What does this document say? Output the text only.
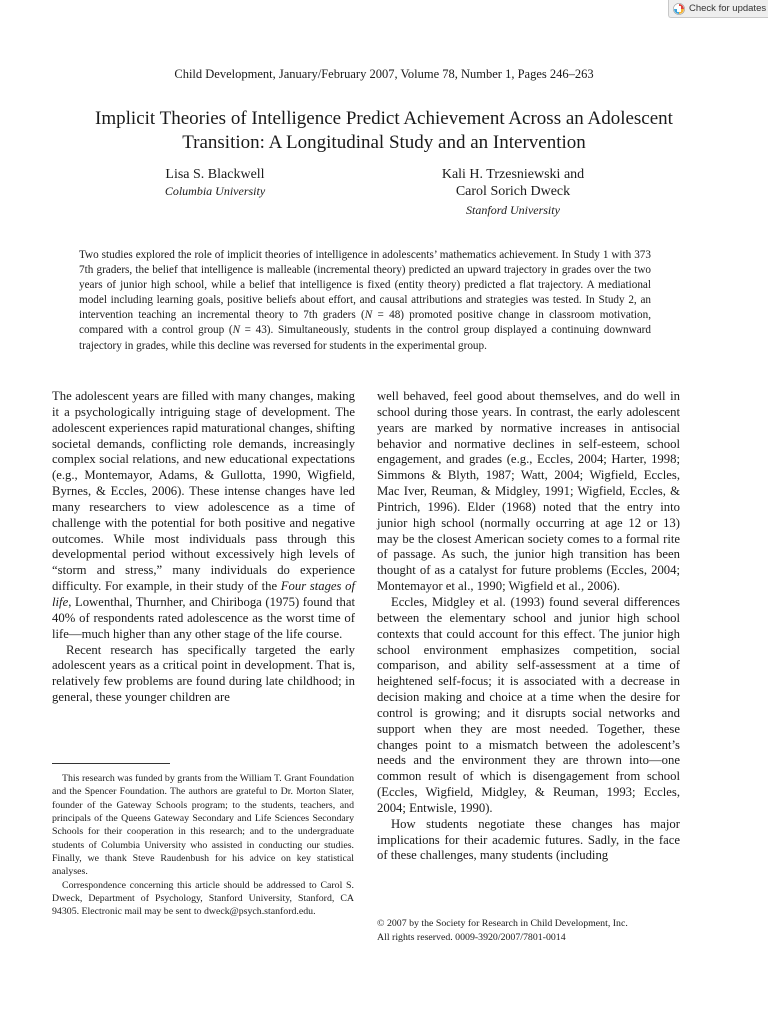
Check for updates
Child Development, January/February 2007, Volume 78, Number 1, Pages 246–263
Implicit Theories of Intelligence Predict Achievement Across an Adolescent
Transition: A Longitudinal Study and an Intervention
Lisa S. Blackwell
Columbia University
Kali H. Trzesniewski and
Carol Sorich Dweck
Stanford University

Two studies explored the role of implicit theories of intelligence in adolescents’ mathematics achievement. In Study 1 with 373 7th graders, the belief that intelligence is malleable (incremental theory) predicted an upward trajectory in grades over the two years of junior high school, while a belief that intelligence is fixed (entity theory) predicted a flat trajectory. A mediational model including learning goals, positive beliefs about effort, and causal attributions and strategies was tested. In Study 2, an intervention teaching an incremental theory to 7th graders (N = 48) promoted positive change in classroom motivation, compared with a control group (N = 43). Simultaneously, students in the control group displayed a continuing downward trajectory in grades, while this decline was reversed for students in the experimental group.

The adolescent years are filled with many changes, making it a psychologically intriguing stage of development. The adolescent experiences rapid maturational changes, shifting societal demands, conflicting role demands, increasingly complex social relations, and new educational expectations (e.g., Montemayor, Adams, & Gullotta, 1990, Wigfield, Byrnes, & Eccles, 2006). These intense changes have led many researchers to view adolescence as a time of challenge with the potential for both positive and negative outcomes. While most individuals pass through this developmental period without excessively high levels of “storm and stress,” many individuals do experience difficulty. For example, in their study of the Four stages of life, Lowenthal, Thurnher, and Chiriboga (1975) found that 40% of respondents rated adolescence as the worst time of life—much higher than any other stage of the life course.

Recent research has specifically targeted the early adolescent years as a critical point in development. That is, relatively few problems are found during late childhood; in general, these younger children are

well behaved, feel good about themselves, and do well in school during those years. In contrast, the early adolescent years are marked by normative increases in antisocial behavior and normative declines in self-esteem, school engagement, and grades (e.g., Eccles, 2004; Harter, 1998; Simmons & Blyth, 1987; Watt, 2004; Wigfield, Eccles, Mac Iver, Reuman, & Midgley, 1991; Wigfield, Eccles, & Pintrich, 1996). Elder (1968) noted that the entry into junior high school (normally occurring at age 12 or 13) may be the closest American society comes to a formal rite of passage. As such, the junior high transition has been thought of as a catalyst for future problems (Eccles, 2004; Montemayor et al., 1990; Wigfield et al., 2006).

Eccles, Midgley et al. (1993) found several differences between the elementary school and junior high school contexts that could account for this effect. The junior high school environment emphasizes competition, social comparison, and ability self-assessment at a time of heightened self-focus; it is associated with a decrease in decision making and choice at a time when the desire for control is growing; and it disrupts social networks and support when they are most needed. Together, these changes point to a mismatch between the adolescent’s needs and the environment they are thrown into—one common result of which is disengagement from school (Eccles, Wigfield, Midgley, & Reuman, 1993; Eccles, 2004; Entwisle, 1990).

How students negotiate these changes has major implications for their academic futures. Sadly, in the face of these challenges, many students (including

This research was funded by grants from the William T. Grant Foundation and the Spencer Foundation. The authors are grateful to Dr. Morton Slater, founder of the Gateway Schools program; to the students, teachers, and principals of the Queens Gateway Secondary and Life Sciences Secondary Schools for their cooperation in this research; and to the undergraduate students of Columbia University who assisted in conducting our studies. Finally, we thank Steve Raudenbush for his advice on key statistical analyses.

Correspondence concerning this article should be addressed to Carol S. Dweck, Department of Psychology, Stanford University, Stanford, CA 94305. Electronic mail may be sent to dweck@psych.stanford.edu.

© 2007 by the Society for Research in Child Development, Inc.

All rights reserved. 0009-3920/2007/7801-0014
